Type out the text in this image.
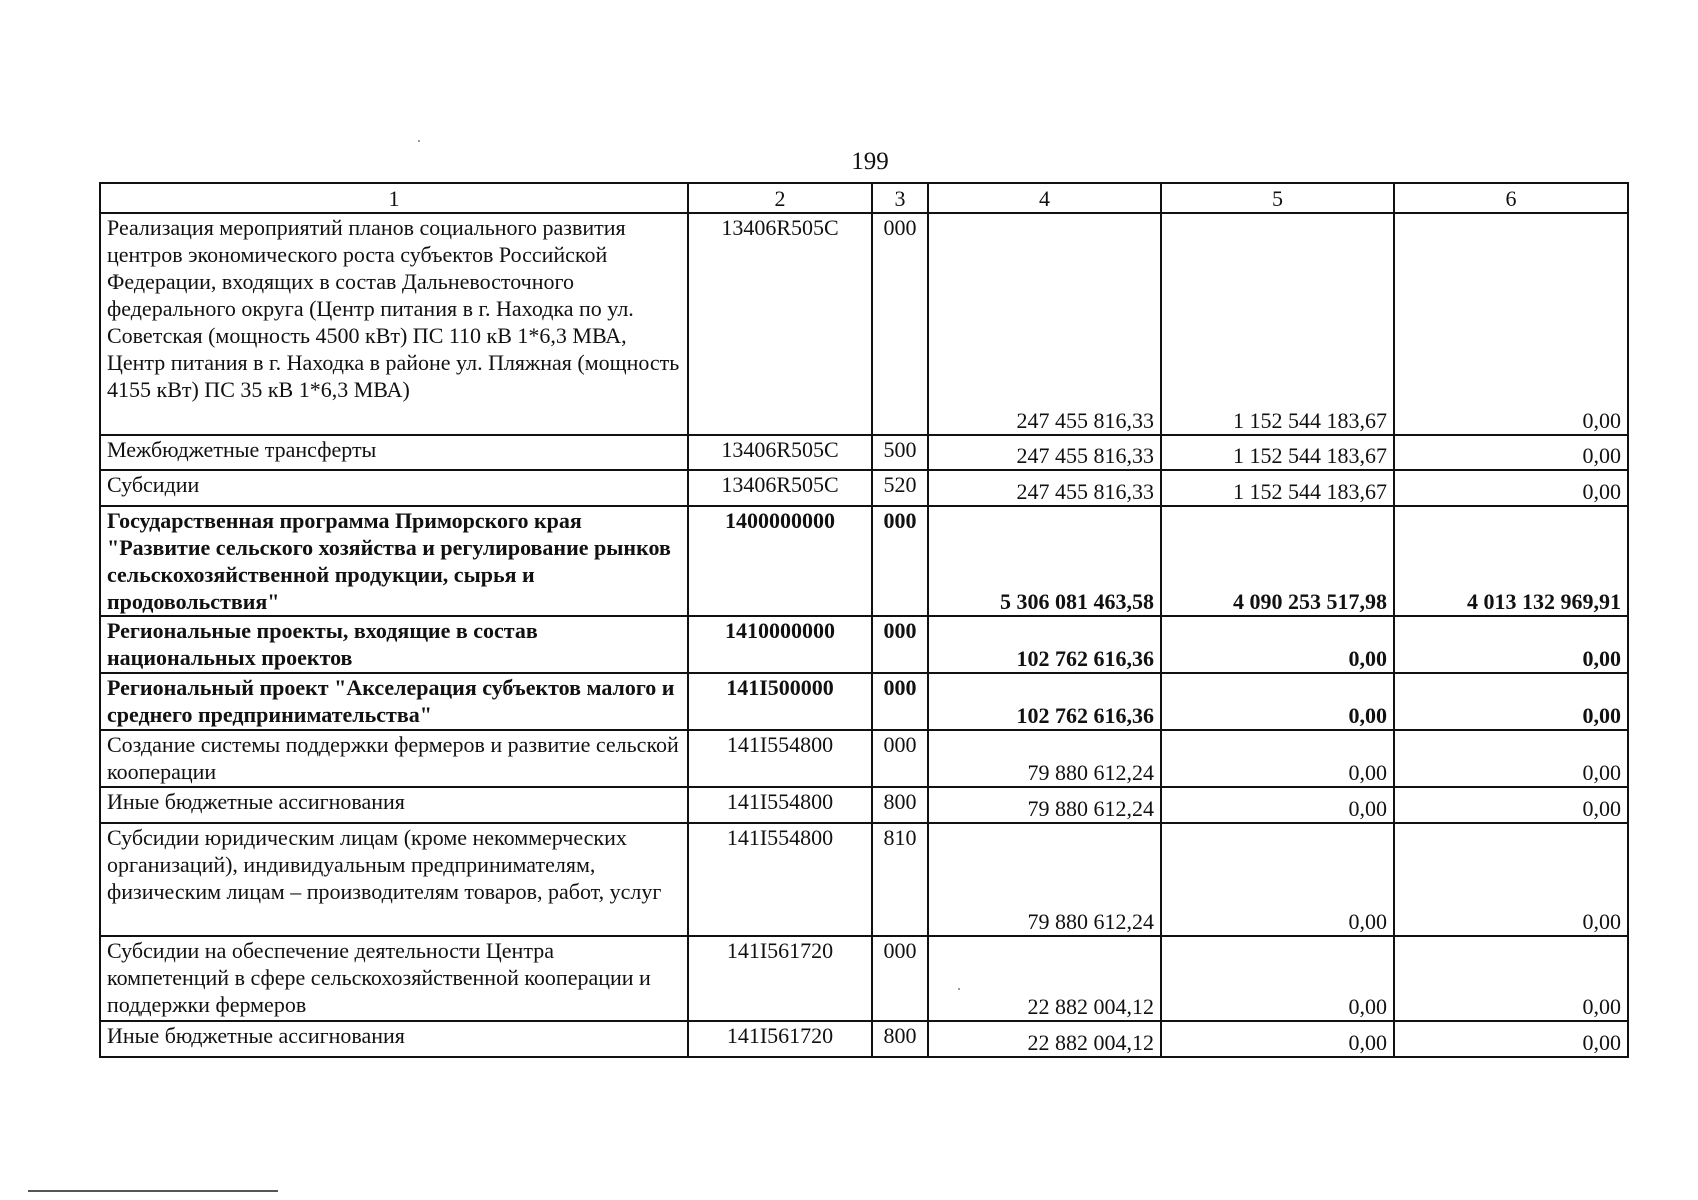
199
1	2	3	4	5	6
Реализация мероприятий планов социального развития центров экономического роста субъектов Российской Федерации, входящих в состав Дальневосточного федерального округа (Центр питания в г. Находка по ул. Советская (мощность 4500 кВт) ПС 110 кВ 1*6,3 МВА, Центр питания в г. Находка в районе ул. Пляжная (мощность 4155 кВт) ПС 35 кВ 1*6,3 МВА)	13406R505C	000	247 455 816,33	1 152 544 183,67	0,00
Межбюджетные трансферты	13406R505C	500	247 455 816,33	1 152 544 183,67	0,00
Субсидии	13406R505C	520	247 455 816,33	1 152 544 183,67	0,00
Государственная программа Приморского края "Развитие сельского хозяйства и регулирование рынков сельскохозяйственной продукции, сырья и продовольствия"	1400000000	000	5 306 081 463,58	4 090 253 517,98	4 013 132 969,91
Региональные проекты, входящие в состав национальных проектов	1410000000	000	102 762 616,36	0,00	0,00
Региональный проект "Акселерация субъектов малого и среднего предпринимательства"	141I500000	000	102 762 616,36	0,00	0,00
Создание системы поддержки фермеров и развитие сельской кооперации	141I554800	000	79 880 612,24	0,00	0,00
Иные бюджетные ассигнования	141I554800	800	79 880 612,24	0,00	0,00
Субсидии юридическим лицам (кроме некоммерческих организаций), индивидуальным предпринимателям, физическим лицам – производителям товаров, работ, услуг	141I554800	810	79 880 612,24	0,00	0,00
Субсидии на обеспечение деятельности Центра компетенций в сфере сельскохозяйственной кооперации и поддержки фермеров	141I561720	000	22 882 004,12	0,00	0,00
Иные бюджетные ассигнования	141I561720	800	22 882 004,12	0,00	0,00
